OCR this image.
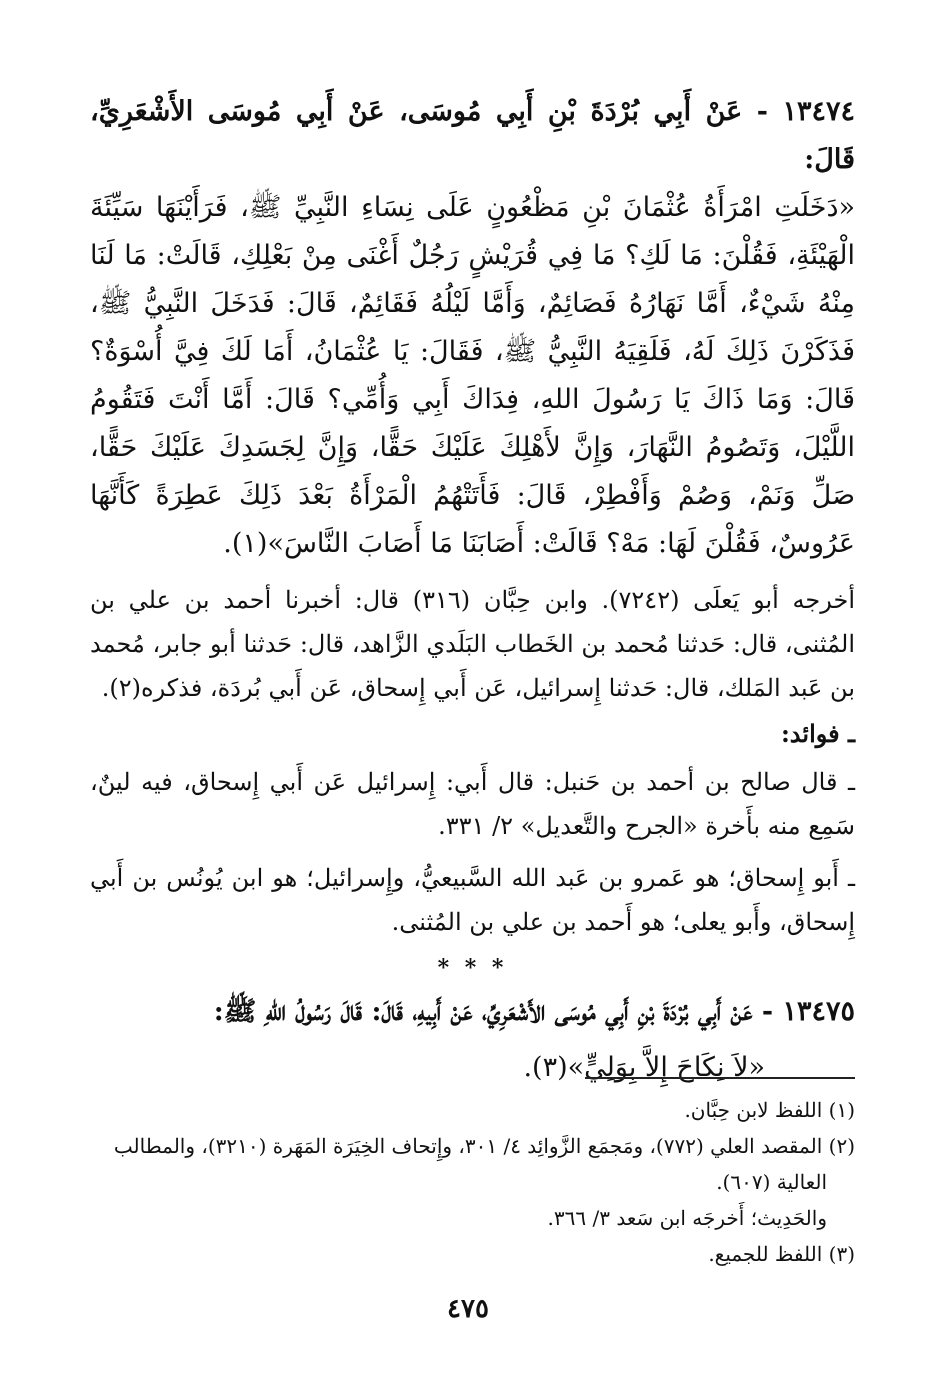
١٣٤٧٤ - عَنْ أَبِي بُرْدَةَ بْنِ أَبِي مُوسَى، عَنْ أَبِي مُوسَى الأَشْعَرِيِّ، قَالَ:

«دَخَلَتِ امْرَأَةُ عُثْمَانَ بْنِ مَظْعُونٍ عَلَى نِسَاءِ النَّبِيِّ ﷺ، فَرَأَيْنَهَا سَيِّئَةَ الْهَيْئَةِ، فَقُلْنَ: مَا لَكِ؟ مَا فِي قُرَيْشٍ رَجُلٌ أَغْنَى مِنْ بَعْلِكِ، قَالَتْ: مَا لَنَا مِنْهُ شَيْءٌ، أَمَّا نَهَارُهُ فَصَائِمٌ، وَأَمَّا لَيْلُهُ فَقَائِمٌ، قَالَ: فَدَخَلَ النَّبِيُّ ﷺ، فَذَكَرْنَ ذَلِكَ لَهُ، فَلَقِيَهُ النَّبِيُّ ﷺ، فَقَالَ: يَا عُثْمَانُ، أَمَا لَكَ فِيَّ أُسْوَةٌ؟ قَالَ: وَمَا ذَاكَ يَا رَسُولَ اللهِ، فِدَاكَ أَبِي وَأُمِّي؟ قَالَ: أَمَّا أَنْتَ فَتَقُومُ اللَّيْلَ، وَتَصُومُ النَّهَارَ، وَإِنَّ لأَهْلِكَ عَلَيْكَ حَقًّا، وَإِنَّ لِجَسَدِكَ عَلَيْكَ حَقًّا، صَلِّ وَنَمْ، وَصُمْ وَأَفْطِرْ، قَالَ: فَأَتَتْهُمُ الْمَرْأَةُ بَعْدَ ذَلِكَ عَطِرَةً كَأَنَّهَا عَرُوسٌ، فَقُلْنَ لَهَا: مَهْ؟ قَالَتْ: أَصَابَنَا مَا أَصَابَ النَّاسَ»(١).

أخرجه أبو يَعلَى (٧٢٤٢). وابن حِبَّان (٣١٦) قال: أخبرنا أحمد بن علي بن المُثنى، قال: حَدثنا مُحمد بن الخَطاب البَلَدي الزَّاهد، قال: حَدثنا أبو جابر، مُحمد بن عَبد المَلك، قال: حَدثنا إِسرائيل، عَن أَبي إِسحاق، عَن أَبي بُردَة، فذكره(٢).

ـ فوائد:

ـ قال صالح بن أحمد بن حَنبل: قال أَبي: إِسرائيل عَن أَبي إِسحاق، فيه لينٌ، سَمِع منه بأَخرة «الجرح والتَّعديل» ٢/ ٣٣١.

ـ أَبو إِسحاق؛ هو عَمرو بن عَبد الله السَّبيعيُّ، وإِسرائيل؛ هو ابن يُونُس بن أَبي إِسحاق، وأَبو يعلى؛ هو أَحمد بن علي بن المُثنى.

* * *

١٣٤٧٥ - عَنْ أَبِي بُرْدَةَ بْنِ أَبِي مُوسَى الأَشْعَرِيِّ، عَنْ أَبِيهِ، قَالَ: قَالَ رَسُولُ اللهِ ﷺ:

«لاَ نِكَاحَ إِلاَّ بِوَلِيٍّ»(٣).

(١) اللفظ لابن حِبَّان.

(٢) المقصد العلي (٧٧٢)، ومَجمَع الزَّوائِد ٤/ ٣٠١، وإِتحاف الخِيَرَة المَهَرة (٣٢١٠)، والمطالب

العالية (٦٠٧).

والحَدِيث؛ أَخرجَه ابن سَعد ٣/ ٣٦٦.

(٣) اللفظ للجميع.

٤٧٥
